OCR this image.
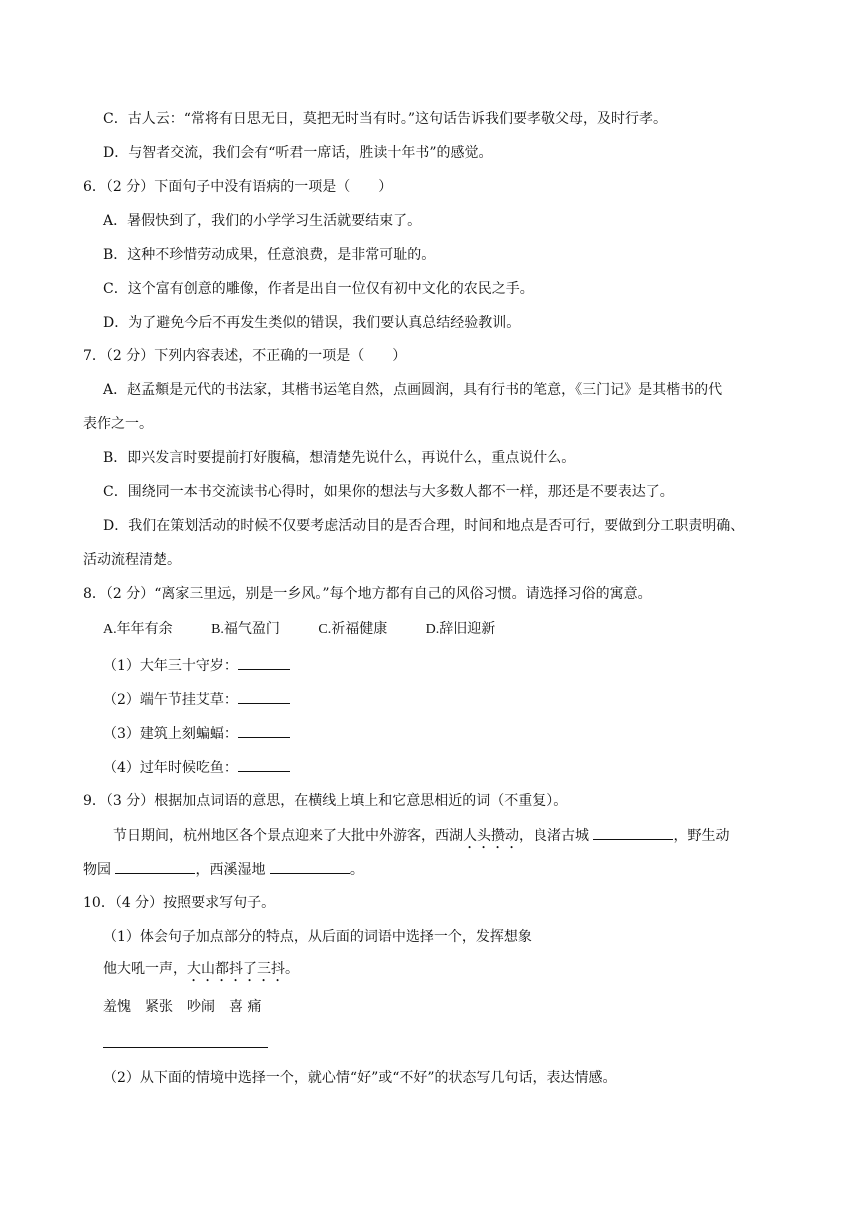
C．古人云：“常将有日思无日，莫把无时当有时。”这句话告诉我们要孝敬父母，及时行孝。
D．与智者交流，我们会有“听君一席话，胜读十年书”的感觉。
6．（2 分）下面句子中没有语病的一项是（　　）
A．暑假快到了，我们的小学学习生活就要结束了。
B．这种不珍惜劳动成果，任意浪费，是非常可耻的。
C．这个富有创意的雕像，作者是出自一位仅有初中文化的农民之手。
D．为了避免今后不再发生类似的错误，我们要认真总结经验教训。
7．（2 分）下列内容表述，不正确的一项是（　　）
A．赵孟頫是元代的书法家，其楷书运笔自然，点画圆润，具有行书的笔意，《三门记》是其楷书的代
表作之一。
B．即兴发言时要提前打好腹稿，想清楚先说什么，再说什么，重点说什么。
C．围绕同一本书交流读书心得时，如果你的想法与大多数人都不一样，那还是不要表达了。
D．我们在策划活动的时候不仅要考虑活动目的是否合理，时间和地点是否可行，要做到分工职责明确、
活动流程清楚。
8．（2 分）“离家三里远，别是一乡风。”每个地方都有自己的风俗习惯。请选择习俗的寓意。
A.年年有余	B.福气盈门	C.祈福健康	D.辞旧迎新
（1）大年三十守岁：
（2）端午节挂艾草：
（3）建筑上刻蝙蝠：
（4）过年时候吃鱼：
9．（3 分）根据加点词语的意思，在横线上填上和它意思相近的词（不重复）。
节日期间，杭州地区各个景点迎来了大批中外游客，西湖人头攒动，良渚古城	，野生动
物园	，西溪湿地	。
10．（4 分）按照要求写句子。
（1）体会句子加点部分的特点，从后面的词语中选择一个，发挥想象
他大吼一声，大山都抖了三抖。
羞愧　紧张　吵闹　喜 痛
（2）从下面的情境中选择一个，就心情“好”或“不好”的状态写几句话，表达情感。
